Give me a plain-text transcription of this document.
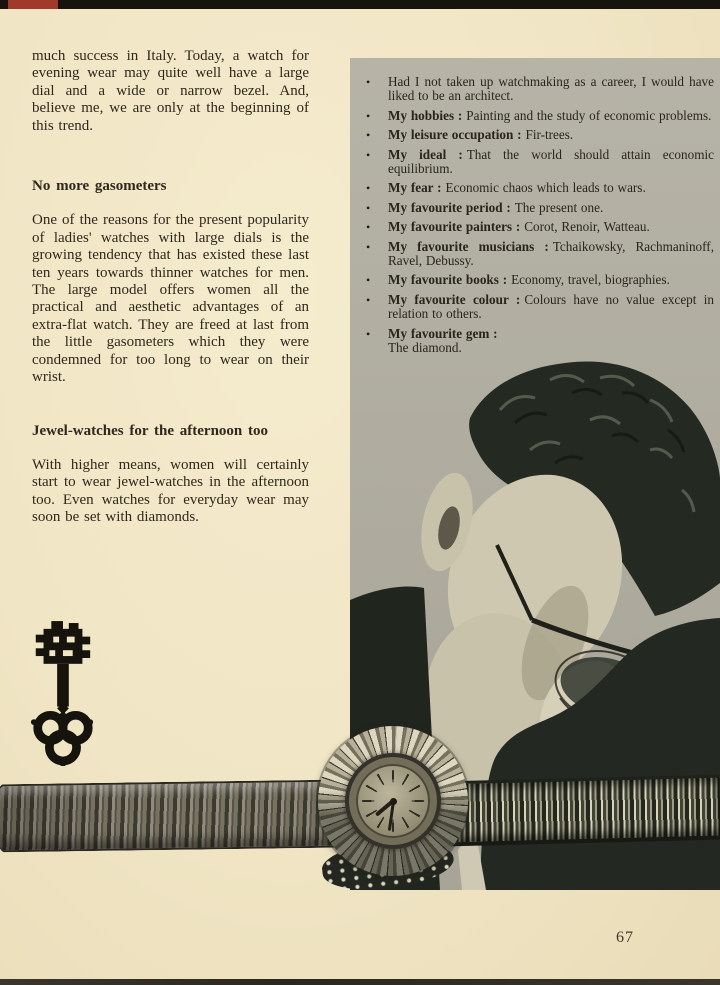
much success in Italy. Today, a watch for evening wear may quite well have a large dial and a wide or narrow bezel. And, believe me, we are only at the beginning of this trend.

No more gasometers

One of the reasons for the present popularity of ladies' watches with large dials is the growing tendency that has existed these last ten years towards thinner watches for men. The large model offers women all the practical and aesthetic advantages of an extra-flat watch. They are freed at last from the little gasometers which they were condemned for too long to wear on their wrist.

Jewel-watches for the afternoon too

With higher means, women will certainly start to wear jewel-watches in the afternoon too. Even watches for everyday wear may soon be set with diamonds.

• Had I not taken up watchmaking as a career, I would have liked to be an architect.
• My hobbies : Painting and the study of economic problems.
• My leisure occupation : Fir-trees.
• My ideal : That the world should attain economic equilibrium.
• My fear : Economic chaos which leads to wars.
• My favourite period : The present one.
• My favourite painters : Corot, Renoir, Watteau.
• My favourite musicians : Tchaikowsky, Rachmaninoff, Ravel, Debussy.
• My favourite books : Economy, travel, biographies.
• My favourite colour : Colours have no value except in relation to others.
• My favourite gem :
The diamond.
67
